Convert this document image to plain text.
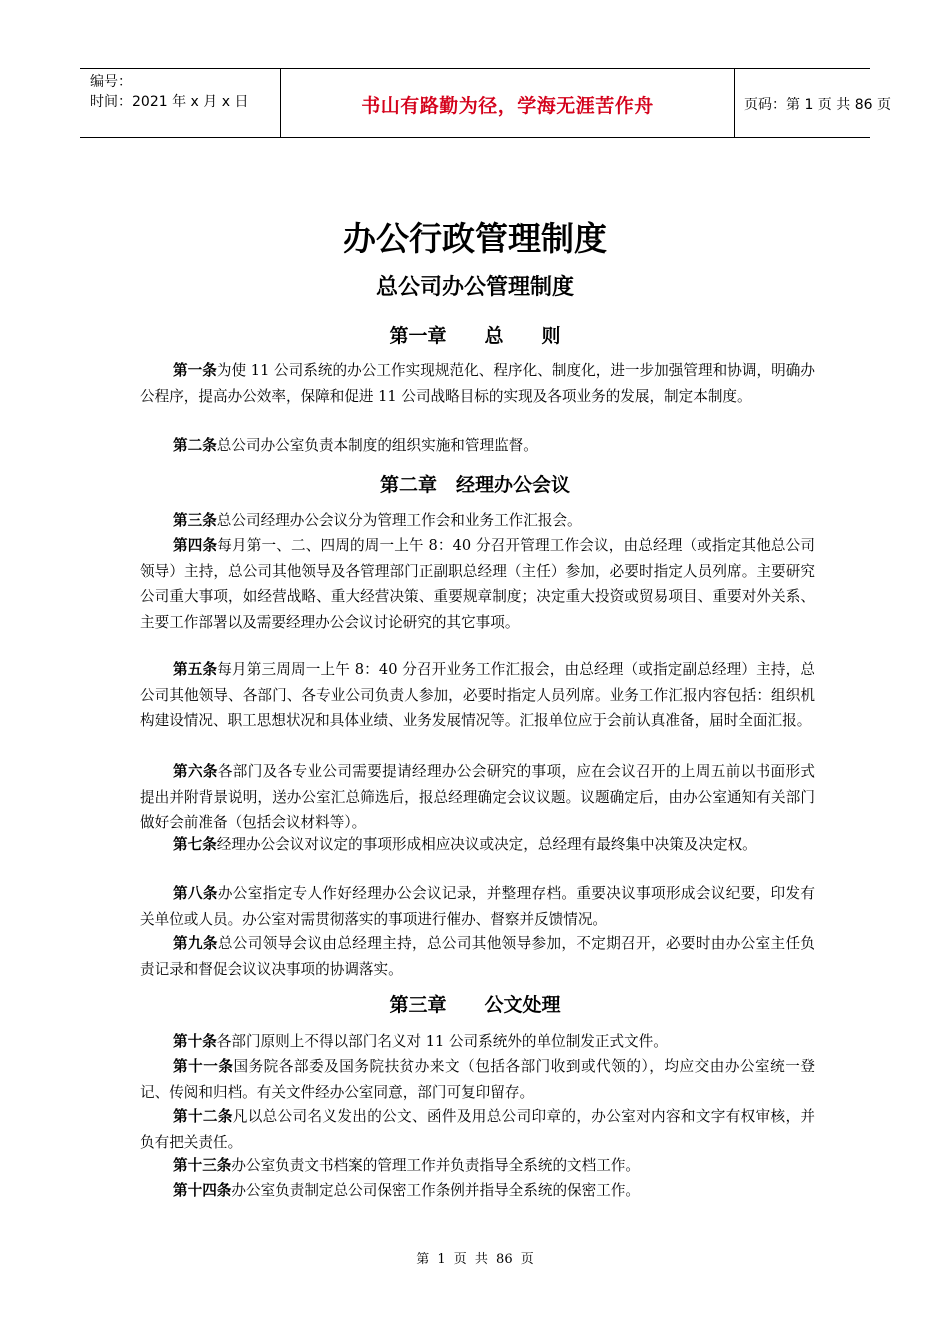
编号：
时间：2021 年 x 月 x 日	书山有路勤为径，学海无涯苦作舟	页码：第 1 页 共 86 页
办公行政管理制度
总公司办公管理制度
第一章　　总　　则

第一条为使 11 公司系统的办公工作实现规范化、程序化、制度化，进一步加强管理和协调，明确办公程序，提高办公效率，保障和促进 11 公司战略目标的实现及各项业务的发展，制定本制度。

第二条总公司办公室负责本制度的组织实施和管理监督。

第二章　经理办公会议

第三条总公司经理办公会议分为管理工作会和业务工作汇报会。

第四条每月第一、二、四周的周一上午 8：40 分召开管理工作会议，由总经理（或指定其他总公司领导）主持，总公司其他领导及各管理部门正副职总经理（主任）参加，必要时指定人员列席。主要研究公司重大事项，如经营战略、重大经营决策、重要规章制度；决定重大投资或贸易项目、重要对外关系、主要工作部署以及需要经理办公会议讨论研究的其它事项。

第五条每月第三周周一上午 8：40 分召开业务工作汇报会，由总经理（或指定副总经理）主持，总公司其他领导、各部门、各专业公司负责人参加，必要时指定人员列席。业务工作汇报内容包括：组织机构建设情况、职工思想状况和具体业绩、业务发展情况等。汇报单位应于会前认真准备，届时全面汇报。

第六条各部门及各专业公司需要提请经理办公会研究的事项，应在会议召开的上周五前以书面形式提出并附背景说明，送办公室汇总筛选后，报总经理确定会议议题。议题确定后，由办公室通知有关部门做好会前准备（包括会议材料等）。

第七条经理办公会议对议定的事项形成相应决议或决定，总经理有最终集中决策及决定权。

第八条办公室指定专人作好经理办公会议记录，并整理存档。重要决议事项形成会议纪要，印发有关单位或人员。办公室对需贯彻落实的事项进行催办、督察并反馈情况。

第九条总公司领导会议由总经理主持，总公司其他领导参加，不定期召开，必要时由办公室主任负责记录和督促会议议决事项的协调落实。

第三章　　公文处理

第十条各部门原则上不得以部门名义对 11 公司系统外的单位制发正式文件。

第十一条国务院各部委及国务院扶贫办来文（包括各部门收到或代领的），均应交由办公室统一登记、传阅和归档。有关文件经办公室同意，部门可复印留存。

第十二条凡以总公司名义发出的公文、函件及用总公司印章的，办公室对内容和文字有权审核，并负有把关责任。

第十三条办公室负责文书档案的管理工作并负责指导全系统的文档工作。

第十四条办公室负责制定总公司保密工作条例并指导全系统的保密工作。

第 1 页 共 86 页
